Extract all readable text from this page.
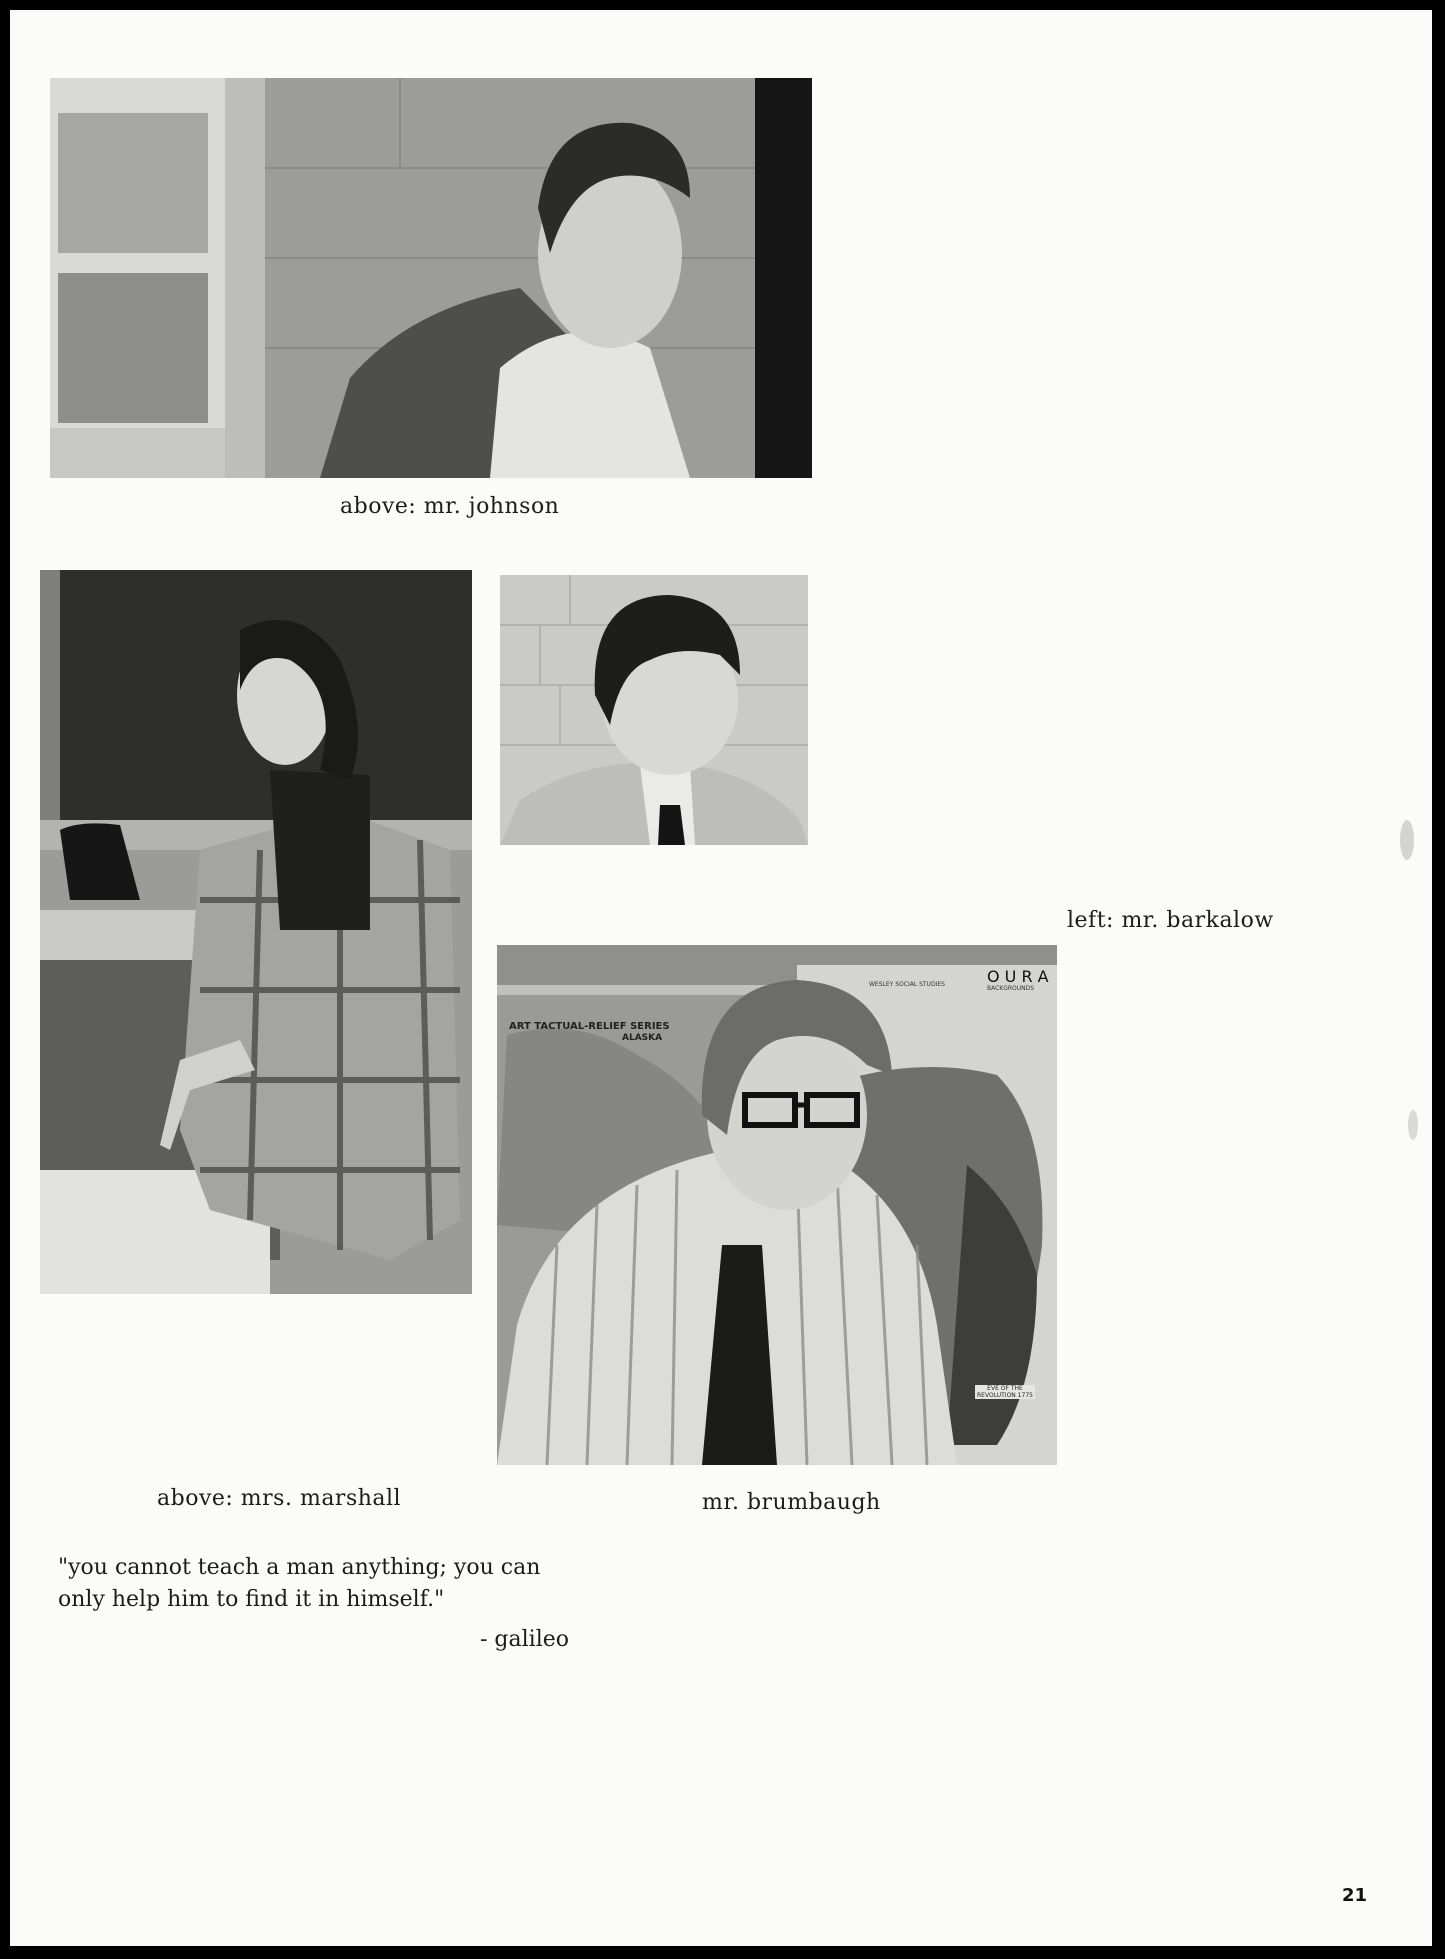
above: mr. johnson
above: mrs. marshall
left: mr. barkalow
ART TACTUAL-RELIEF SERIES
ALASKA
O U R A
WESLEY SOCIAL STUDIES
BACKGROUNDS
EVE OF THE REVOLUTION 1775
mr. brumbaugh
"you cannot teach a man anything; you can
only help him to find it in himself."
- galileo
21
